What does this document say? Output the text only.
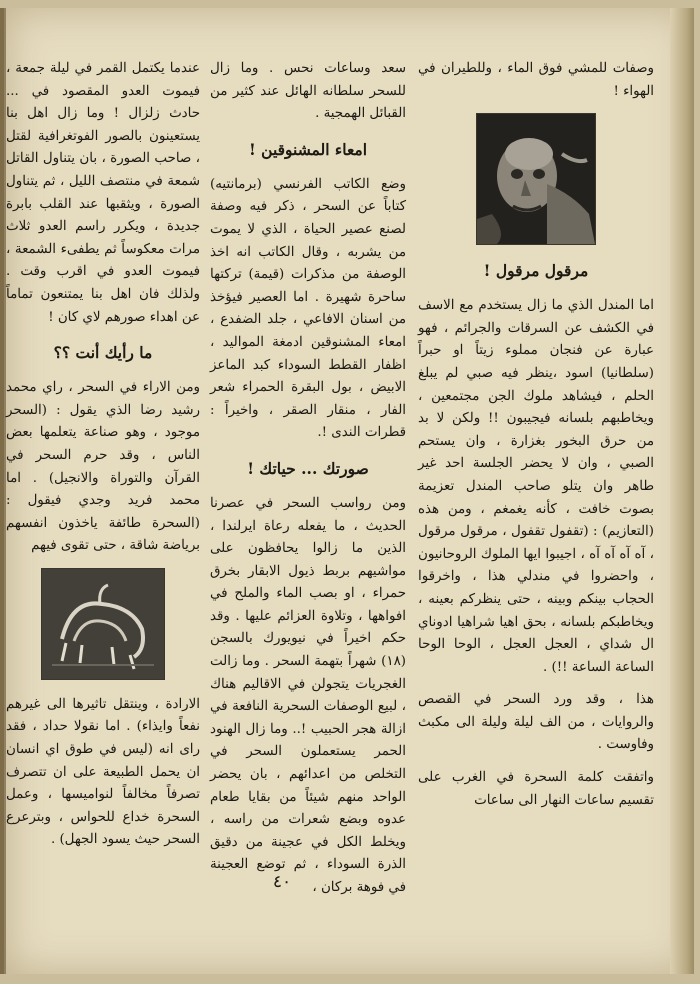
وصفات للمشي فوق الماء ، وللطيران في الهواء !

مرقول مرقول !

اما المندل الذي ما زال يستخدم مع الاسف في الكشف عن السرقات والجرائم ، فهو عبارة عن فنجان مملوء زيتاً او حبراً (سلطانيا) اسود ،ينظر فيه صبي لم يبلغ الحلم ، فيشاهد ملوك الجن مجتمعين ، ويخاطبهم بلسانه فيجيبون !! ولكن لا بد من حرق البخور بغزارة ، وان يستحم الصبي ، وان لا يحضر الجلسة احد غير طاهر وان يتلو صاحب المندل تعزيمة بصوت خافت ، كأنه يغمغم ، ومن هذه (التعازيم) : (تقفول تقفول ، مرقول مرقول ، آه آه آه آه ، اجيبوا ايها الملوك الروحانيون ، واحضروا في مندلي هذا ، واخرقوا الحجاب بينكم وبينه ، حتى ينظركم بعينه ، ويخاطبكم بلسانه ، بحق اهيا شراهيا ادوناي ال شداي ، العجل العجل ، الوحا الوحا الساعة الساعة !!) .

هذا ، وقد ورد السحر في القصص والروايات ، من الف ليلة وليلة الى مكبث وفاوست .

واتفقت كلمة السحرة في الغرب على تقسيم ساعات النهار الى ساعات

سعد وساعات نحس . وما زال للسحر سلطانه الهائل عند كثير من القبائل الهمجية .

امعاء المشنوقين !

وضع الكاتب الفرنسي (برمانتيه) كتاباً عن السحر ، ذكر فيه وصفة لصنع عصير الحياة ، الذي لا يموت من يشربه ، وقال الكاتب انه اخذ الوصفة من مذكرات (قيمة) تركتها ساحرة شهيرة . اما العصير فيؤخذ من اسنان الافاعي ، جلد الضفدع ، امعاء المشنوقين ادمغة المواليد ، اظفار القطط السوداء كبد الماعز الابيض ، بول البقرة الحمراء شعر الفار ، منقار الصقر ، واخيراً : قطرات الندى !.

صورتك ... حياتك !

ومن رواسب السحر في عصرنا الحديث ، ما يفعله رعاة ايرلندا ، الذين ما زالوا يحافظون على مواشيهم بربط ذيول الابقار بخرق حمراء ، او بصب الماء والملح في افواهها ، وتلاوة العزائم عليها . وقد حكم اخيراً في نيويورك بالسجن (١٨) شهراً بتهمة السحر . وما زالت الغجريات يتجولن في الاقاليم هناك ، لبيع الوصفات السحرية النافعة في ازالة هجر الحبيب !.. وما زال الهنود الحمر يستعملون السحر في التخلص من اعدائهم ، بان يحضر الواحد منهم شيئاً من بقايا طعام عدوه وبضع شعرات من راسه ، ويخلط الكل في عجينة من دقيق الذرة السوداء ، ثم توضع العجينة في فوهة بركان ،

عندما يكتمل القمر في ليلة جمعة ، فيموت العدو المقصود في ... حادث زلزال ! وما زال اهل بنا يستعينون بالصور الفوتغرافية لقتل ، صاحب الصورة ، بان يتناول القاتل شمعة في منتصف الليل ، ثم يتناول الصورة ، ويثقبها عند القلب بابرة جديدة ، ويكرر راسم العدو ثلاث مرات معكوساً ثم يطفىء الشمعة ، فيموت العدو في اقرب وقت . ولذلك فان اهل بنا يمتنعون تماماً عن اهداء صورهم لاي كان !

ما رأيك أنت ؟؟

ومن الاراء في السحر ، راي محمد رشيد رضا الذي يقول : (السحر موجود ، وهو صناعة يتعلمها بعض الناس ، وقد حرم السحر في القرآن والتوراة والانجيل) . اما محمد فريد وجدي فيقول : (السحرة طائفة ياخذون انفسهم برياضة شاقة ، حتى تقوى فيهم

الارادة ، وينتقل تاثيرها الى غيرهم نفعاً وايذاء) . اما نقولا حداد ، فقد راى انه (ليس في طوق اي انسان ان يحمل الطبيعة على ان تتصرف تصرفاً مخالفاً لنواميسها ، وعمل السحرة خداع للحواس ، وبترعرع السحر حيث يسود الجهل) .

٤٠
